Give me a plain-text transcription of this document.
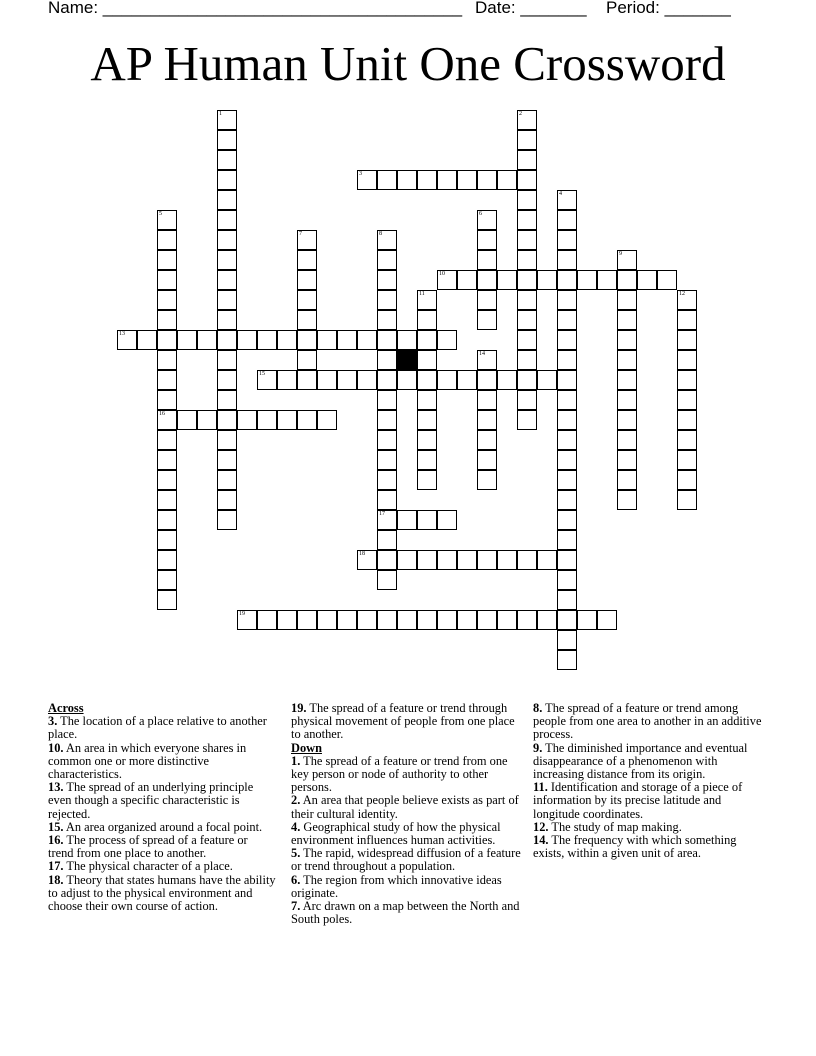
Name: ______________________________________ Date: _______ Period: _______
AP Human Unit One Crossword
1	2
3
4
5
16
6
7	8
17
9
10
11	12
13
14
15
18
19
Across
3. The location of a place relative to another place.
10. An area in which everyone shares in common one or more distinctive characteristics.
13. The spread of an underlying principle even though a specific characteristic is rejected.
15. An area organized around a focal point.
16. The process of spread of a feature or trend from one place to another.
17. The physical character of a place.
18. Theory that states humans have the ability to adjust to the physical environment and choose their own course of action.
19. The spread of a feature or trend through physical movement of people from one place to another.
Down
1. The spread of a feature or trend from one key person or node of authority to other persons.
2. An area that people believe exists as part of their cultural identity.
4. Geographical study of how the physical environment influences human activities.
5. The rapid, widespread diffusion of a feature or trend throughout a population.
6. The region from which innovative ideas originate.
7. Arc drawn on a map between the North and South poles.
8. The spread of a feature or trend among people from one area to another in an additive process.
9. The diminished importance and eventual disappearance of a phenomenon with increasing distance from its origin.
11. Identification and storage of a piece of information by its precise latitude and longitude coordinates.
12. The study of map making.
14. The frequency with which something exists, within a given unit of area.
